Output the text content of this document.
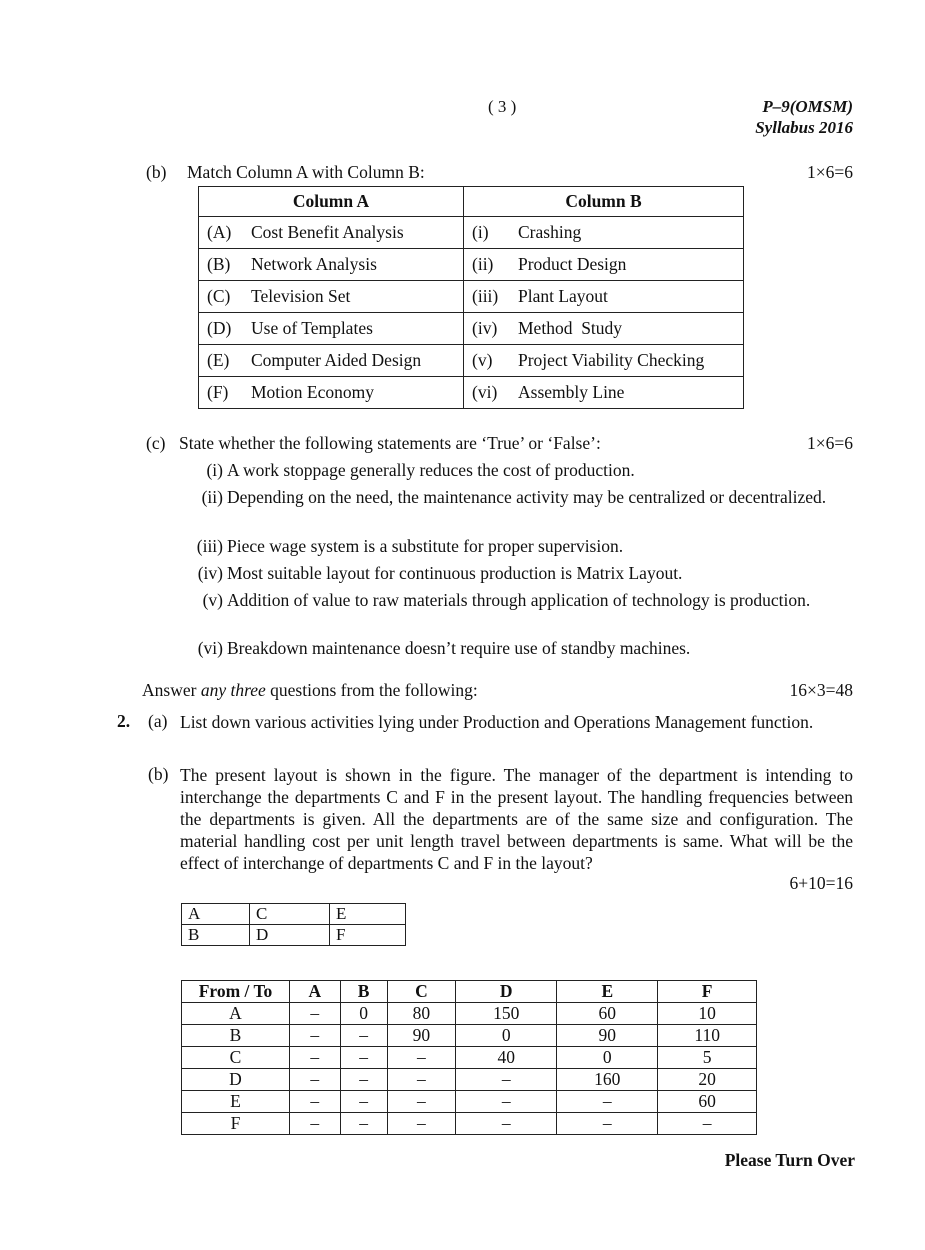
( 3 )	P–9(OMSM)
Syllabus 2016
(b) Match Column A with Column B:	1×6=6
Column A	Column B
(A) Cost Benefit Analysis	(i) Crashing
(B) Network Analysis	(ii) Product Design
(C) Television Set	(iii) Plant Layout
(D) Use of Templates	(iv) Method  Study
(E) Computer Aided Design	(v) Project Viability Checking
(F) Motion Economy	(vi) Assembly Line
(c) State whether the following statements are ‘True’ or ‘False’:	1×6=6
(i) A work stoppage generally reduces the cost of production.
(ii) Depending on the need, the maintenance activity may be centralized or decentralized.
(iii) Piece wage system is a substitute for proper supervision.
(iv) Most suitable layout for continuous production is Matrix Layout.
(v) Addition of value to raw materials through application of technology is production.
(vi) Breakdown maintenance doesn’t require use of standby machines.
Answer any three questions from the following:	16×3=48
2. (a) List down various activities lying under Production and Operations Management function.
(b) The present layout is shown in the figure. The manager of the department is intending to interchange the departments C and F in the present layout. The handling frequencies between the departments is given. All the departments are of the same size and configuration. The material handling cost per unit length travel between departments is same. What will be the effect of interchange of departments C and F in the layout?
6+10=16
A	C	E
B	D	F
From / To	A	B	C	D	E	F
A	–	0	80	150	60	10
B	–	–	90	0	90	110
C	–	–	–	40	0	5
D	–	–	–	–	160	20
E	–	–	–	–	–	60
F	–	–	–	–	–	–
Please Turn Over
